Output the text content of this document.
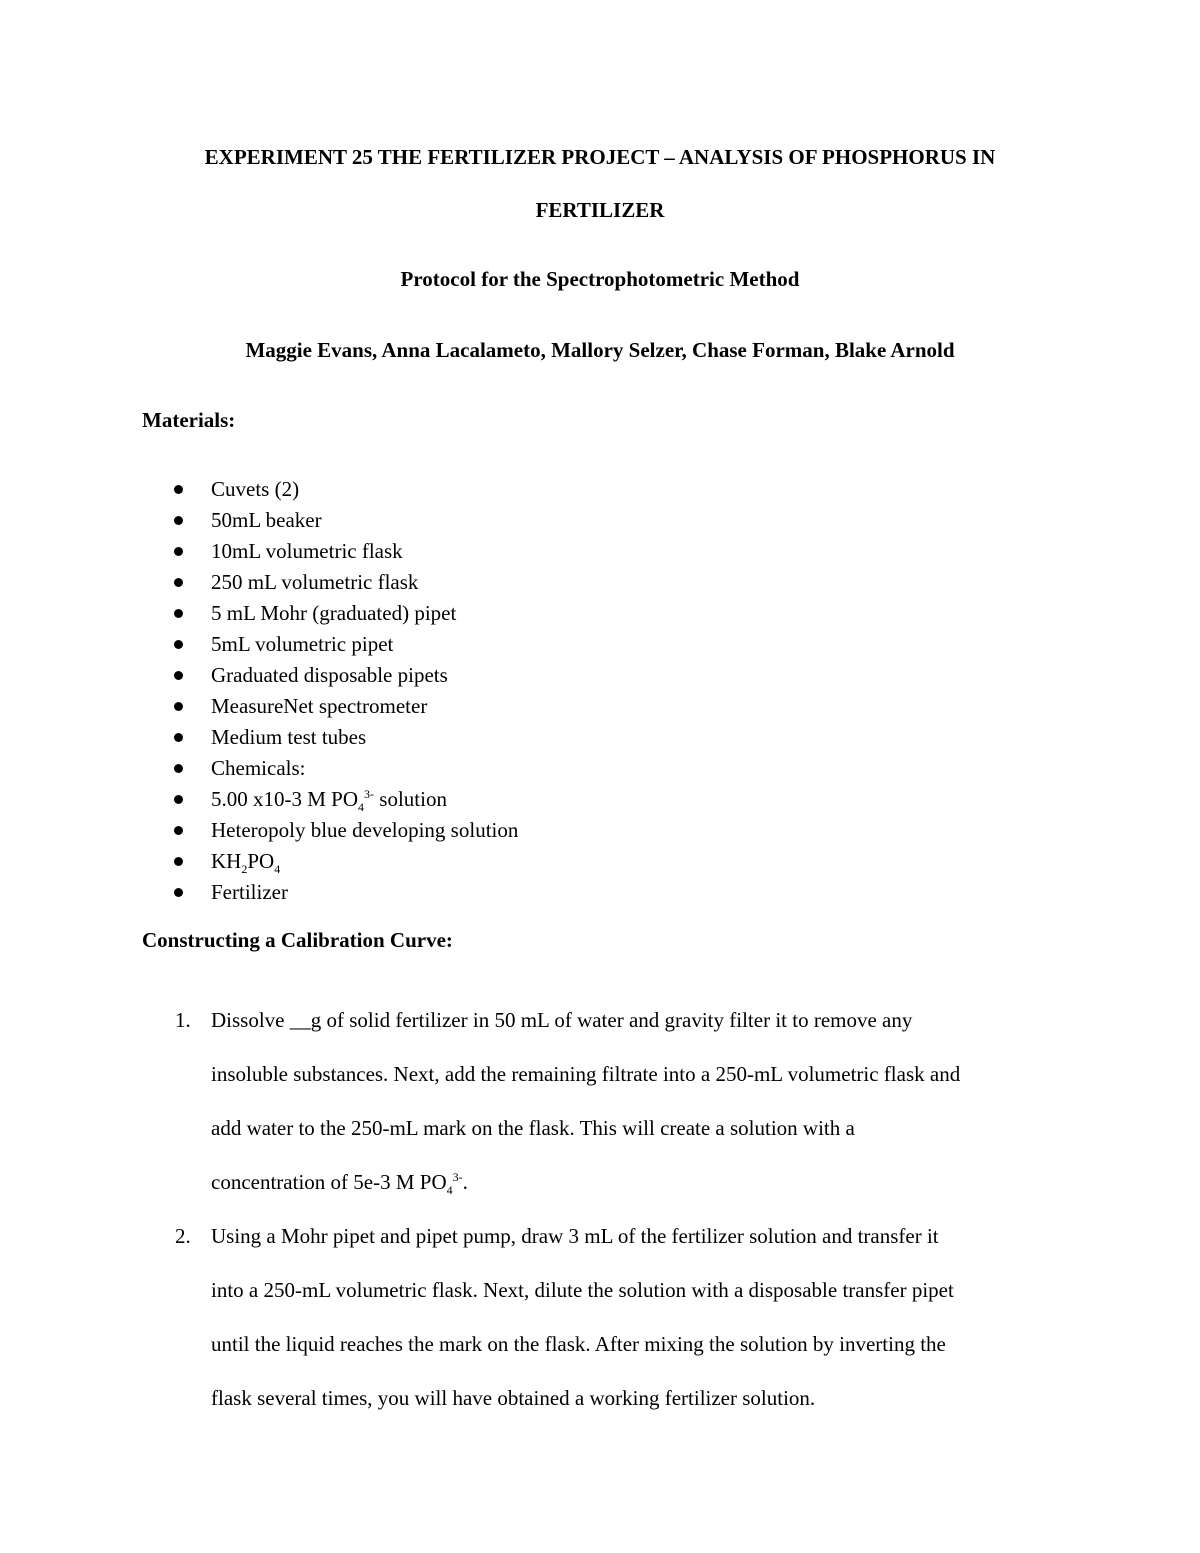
EXPERIMENT 25 THE FERTILIZER PROJECT – ANALYSIS OF PHOSPHORUS IN
FERTILIZER
Protocol for the Spectrophotometric Method
Maggie Evans, Anna Lacalameto, Mallory Selzer, Chase Forman, Blake Arnold
Materials:
Cuvets (2)
50mL beaker
10mL volumetric flask
250 mL volumetric flask
5 mL Mohr (graduated) pipet
5mL volumetric pipet
Graduated disposable pipets
MeasureNet spectrometer
Medium test tubes
Chemicals:
5.00 x10-3 M $PO_4^{3-}$ solution
Heteropoly blue developing solution
$KH_2PO_4$
Fertilizer
Constructing a Calibration Curve:
1. Dissolve __g of solid fertilizer in 50 mL of water and gravity filter it to remove any
insoluble substances. Next, add the remaining filtrate into a 250-mL volumetric flask and
add water to the 250-mL mark on the flask. This will create a solution with a
concentration of 5e-3 M $PO_4^{3-}$.
2. Using a Mohr pipet and pipet pump, draw 3 mL of the fertilizer solution and transfer it
into a 250-mL volumetric flask. Next, dilute the solution with a disposable transfer pipet
until the liquid reaches the mark on the flask. After mixing the solution by inverting the
flask several times, you will have obtained a working fertilizer solution.
